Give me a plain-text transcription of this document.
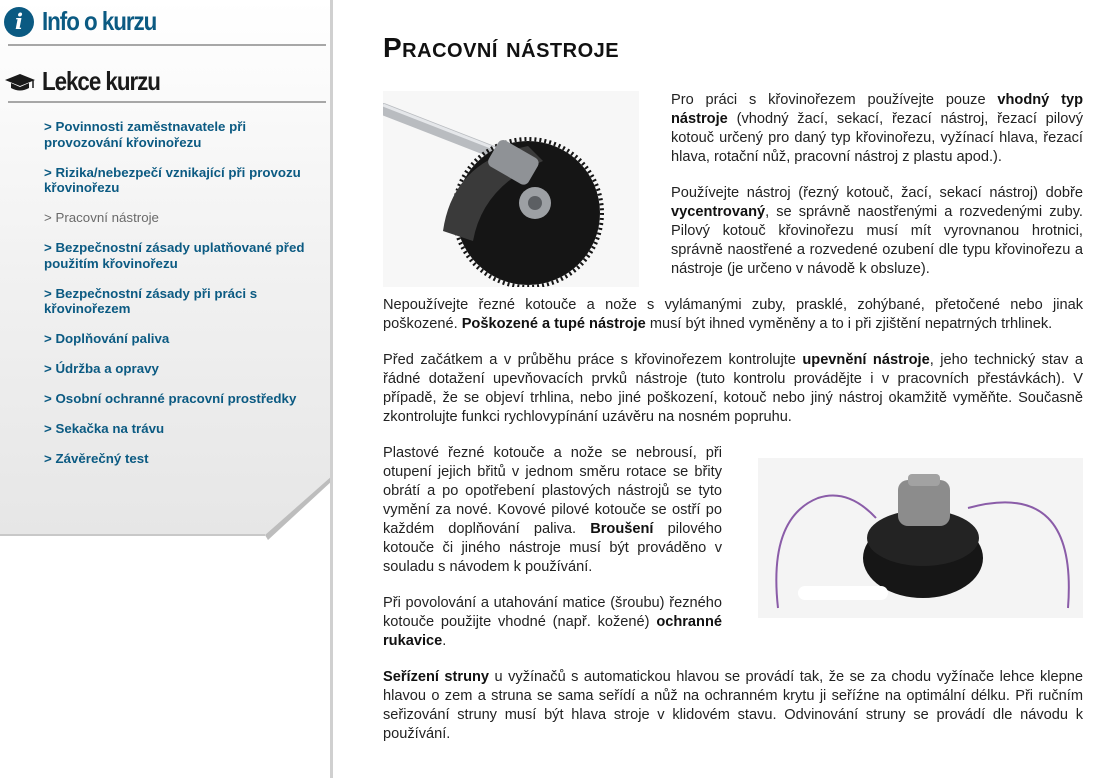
i Info o kurzu
Lekce kurzu
> Povinnosti zaměstnavatele při provozování křovinořezu
> Rizika/nebezpečí vznikající při provozu křovinořezu
> Pracovní nástroje
> Bezpečnostní zásady uplatňované před použitím křovinořezu
> Bezpečnostní zásady při práci s křovinořezem
> Doplňování paliva
> Údržba a opravy
> Osobní ochranné pracovní prostředky
> Sekačka na trávu
> Závěrečný test
Pracovní nástroje

Pro práci s křovinořezem používejte pouze vhodný typ nástroje (vhodný žací, sekací, řezací nástroj, řezací pilový kotouč určený pro daný typ křovinořezu, vyžínací hlava, řezací hlava, rotační nůž, pracovní nástroj z plastu apod.).

Používejte nástroj (řezný kotouč, žací, sekací nástroj) dobře vycentrovaný, se správně naostřenými a rozvedenými zuby. Pilový kotouč křovinořezu musí mít vyrovnanou hrotnici, správně naostřené a rozvedené ozubení dle typu křovinořezu a nástroje (je určeno v návodě k obsluze).

Nepoužívejte řezné kotouče a nože s vylámanými zuby, prasklé, zohýbané, přetočené nebo jinak poškozené. Poškozené a tupé nástroje musí být ihned vyměněny a to i při zjištění nepatrných trhlinek.

Před začátkem a v průběhu práce s křovinořezem kontrolujte upevnění nástroje, jeho technický stav a řádné dotažení upevňovacích prvků nástroje (tuto kontrolu provádějte i v pracovních přestávkách). V případě, že se objeví trhlina, nebo jiné poškození, kotouč nebo jiný nástroj okamžitě vyměňte. Současně zkontrolujte funkci rychlovypínání uzávěru na nosném popruhu.

Plastové řezné kotouče a nože se nebrousí, při otupení jejich břitů v jednom směru rotace se břity obrátí a po opotřebení plastových nástrojů se tyto vymění za nové. Kovové pilové kotouče se ostří po každém doplňování paliva. Broušení pilového kotouče či jiného nástroje musí být prováděno v souladu s návodem k používání.

Při povolování a utahování matice (šroubu) řezného kotouče použijte vhodné (např. kožené) ochranné rukavice.

Seřízení struny u vyžínačů s automatickou hlavou se provádí tak, že se za chodu vyžínače lehce klepne hlavou o zem a struna se sama seřídí a nůž na ochranném krytu ji seříźne na optimální délku. Při ručním seřizování struny musí být hlava stroje v klidovém stavu. Odvinování struny se provádí dle návodu k používání.
